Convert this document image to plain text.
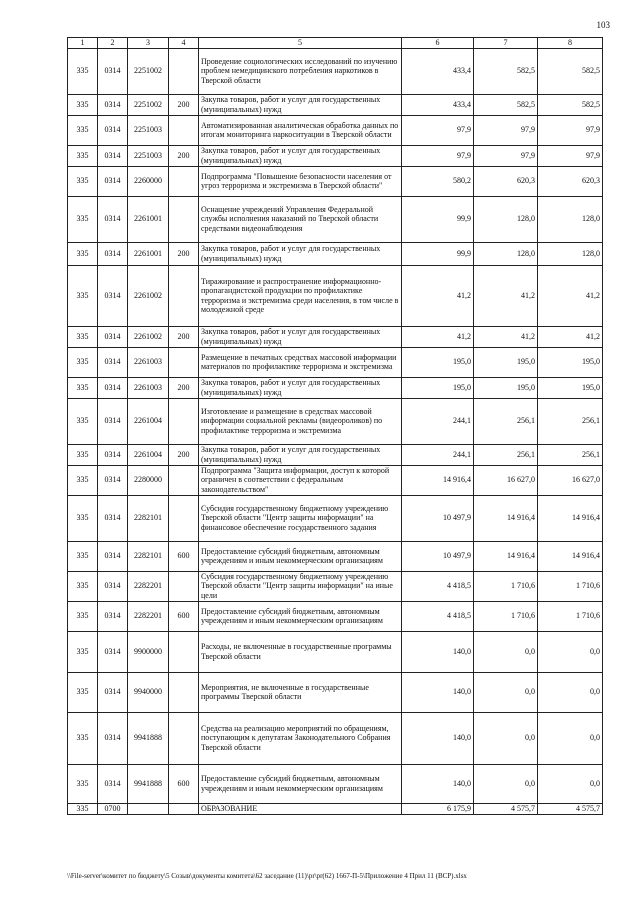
103
1	2	3	4	5	6	7	8
335	0314	2251002		Проведение социологических исследований по изучению проблем немедицинского потребления наркотиков в Тверской области	433,4	582,5	582,5
335	0314	2251002	200	Закупка товаров, работ и услуг для государственных (муниципальных) нужд	433,4	582,5	582,5
335	0314	2251003		Автоматизированная аналитическая обработка данных по итогам мониторинга наркоситуации в Тверской области	97,9	97,9	97,9
335	0314	2251003	200	Закупка товаров, работ и услуг для государственных (муниципальных) нужд	97,9	97,9	97,9
335	0314	2260000		Подпрограмма "Повышение безопасности населения от угроз терроризма и экстремизма в Тверской области"	580,2	620,3	620,3
335	0314	2261001		Оснащение учреждений Управления Федеральной службы исполнения наказаний по Тверской области средствами видеонаблюдения	99,9	128,0	128,0
335	0314	2261001	200	Закупка товаров, работ и услуг для государственных (муниципальных) нужд	99,9	128,0	128,0
335	0314	2261002		Тиражирование и распространение информационно-пропагандистской продукции по профилактике терроризма и экстремизма среди населения, в том числе в молодежной среде	41,2	41,2	41,2
335	0314	2261002	200	Закупка товаров, работ и услуг для государственных (муниципальных) нужд	41,2	41,2	41,2
335	0314	2261003		Размещение в печатных средствах массовой информации материалов по профилактике терроризма и экстремизма	195,0	195,0	195,0
335	0314	2261003	200	Закупка товаров, работ и услуг для государственных (муниципальных) нужд	195,0	195,0	195,0
335	0314	2261004		Изготовление и размещение в средствах массовой информации социальной рекламы (видеороликов) по профилактике терроризма и экстремизма	244,1	256,1	256,1
335	0314	2261004	200	Закупка товаров, работ и услуг для государственных (муниципальных) нужд	244,1	256,1	256,1
335	0314	2280000		Подпрограмма "Защита информации, доступ к которой ограничен в соответствии с федеральным законодательством"	14 916,4	16 627,0	16 627,0
335	0314	2282101		Субсидия государственному бюджетному учреждению Тверской области "Центр защиты информации" на финансовое обеспечение государственного задания	10 497,9	14 916,4	14 916,4
335	0314	2282101	600	Предоставление субсидий бюджетным, автономным учреждениям и иным некоммерческим организациям	10 497,9	14 916,4	14 916,4
335	0314	2282201		Субсидия государственному бюджетному учреждению Тверской области "Центр защиты информации" на иные цели	4 418,5	1 710,6	1 710,6
335	0314	2282201	600	Предоставление субсидий бюджетным, автономным учреждениям и иным некоммерческим организациям	4 418,5	1 710,6	1 710,6
335	0314	9900000		Расходы, не включенные в государственные программы Тверской области	140,0	0,0	0,0
335	0314	9940000		Мероприятия, не включенные в государственные программы Тверской области	140,0	0,0	0,0
335	0314	9941888		Средства на реализацию мероприятий по обращениям, поступающим к депутатам Законодательного Собрания Тверской области	140,0	0,0	0,0
335	0314	9941888	600	Предоставление субсидий бюджетным, автономным учреждениям и иным некоммерческим организациям	140,0	0,0	0,0
335	0700			ОБРАЗОВАНИЕ	6 175,9	4 575,7	4 575,7
\\File-server\комитет по бюджету\5 Созыв\документы комитета\62 заседание (11)\pr\pr(62) 1667-П-5\Приложение 4 Прил 11 (ВСР).xlsx
